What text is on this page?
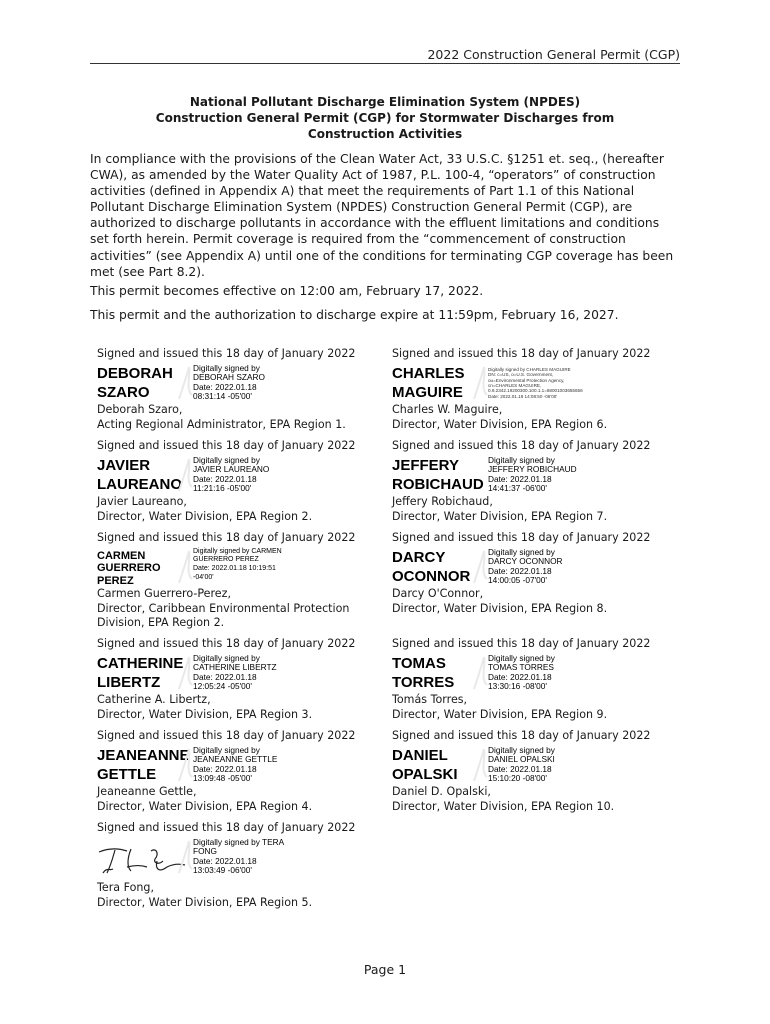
2022 Construction General Permit (CGP)
National Pollutant Discharge Elimination System (NPDES)
Construction General Permit (CGP) for Stormwater Discharges from
Construction Activities
In compliance with the provisions of the Clean Water Act, 33 U.S.C. §1251 et. seq., (hereafter CWA), as amended by the Water Quality Act of 1987, P.L. 100-4, “operators” of construction activities (defined in Appendix A) that meet the requirements of Part 1.1 of this National Pollutant Discharge Elimination System (NPDES) Construction General Permit (CGP), are authorized to discharge pollutants in accordance with the effluent limitations and conditions set forth herein. Permit coverage is required from the “commencement of construction activities” (see Appendix A) until one of the conditions for terminating CGP coverage has been met (see Part 8.2).
This permit becomes effective on 12:00 am, February 17, 2022.
This permit and the authorization to discharge expire at 11:59pm, February 16, 2027.
Signed and issued this 18 day of January 2022
DEBORAH
SZARO
Digitally signed by
DEBORAH SZARO
Date: 2022.01.18
08:31:14 -05'00'
Deborah Szaro,
Acting Regional Administrator, EPA Region 1.
Signed and issued this 18 day of January 2022
JAVIER
LAUREANO
Digitally signed by
JAVIER LAUREANO
Date: 2022.01.18
11:21:16 -05'00'
Javier Laureano,
Director, Water Division, EPA Region 2.
Signed and issued this 18 day of January 2022
CARMEN
GUERRERO
PEREZ
Digitally signed by CARMEN
GUERRERO PEREZ
Date: 2022.01.18 10:19:51
-04'00'
Carmen Guerrero-Perez,
Director, Caribbean Environmental Protection Division, EPA Region 2.
Signed and issued this 18 day of January 2022
CATHERINE
LIBERTZ
Digitally signed by
CATHERINE LIBERTZ
Date: 2022.01.18
12:05:24 -05'00'
Catherine A. Libertz,
Director, Water Division, EPA Region 3.
Signed and issued this 18 day of January 2022
JEANEANNE
GETTLE
Digitally signed by
JEANEANNE GETTLE
Date: 2022.01.18
13:09:48 -05'00'
Jeaneanne Gettle,
Director, Water Division, EPA Region 4.
Signed and issued this 18 day of January 2022
Digitally signed by TERA
FONG
Date: 2022.01.18
13:03:49 -06'00'
Tera Fong,
Director, Water Division, EPA Region 5.
Signed and issued this 18 day of January 2022
CHARLES
MAGUIRE
Digitally signed by CHARLES MAGUIRE
DN: c=US, o=U.S. Government,
ou=Environmental Protection Agency,
cn=CHARLES MAGUIRE,
0.9.2342.19200300.100.1.1=68001003655656
Date: 2022.01.18 14:08:50 -06'00'
Charles W. Maguire,
Director, Water Division, EPA Region 6.
Signed and issued this 18 day of January 2022
JEFFERY
ROBICHAUD
Digitally signed by
JEFFERY ROBICHAUD
Date: 2022.01.18
14:41:37 -06'00'
Jeffery Robichaud,
Director, Water Division, EPA Region 7.
Signed and issued this 18 day of January 2022
DARCY
OCONNOR
Digitally signed by
DARCY OCONNOR
Date: 2022.01.18
14:00:05 -07'00'
Darcy O'Connor,
Director, Water Division, EPA Region 8.
Signed and issued this 18 day of January 2022
TOMAS
TORRES
Digitally signed by
TOMAS TORRES
Date: 2022.01.18
13:30:16 -08'00'
Tomás Torres,
Director, Water Division, EPA Region 9.
Signed and issued this 18 day of January 2022
DANIEL
OPALSKI
Digitally signed by
DANIEL OPALSKI
Date: 2022.01.18
15:10:20 -08'00'
Daniel D. Opalski,
Director, Water Division, EPA Region 10.
Page 1
